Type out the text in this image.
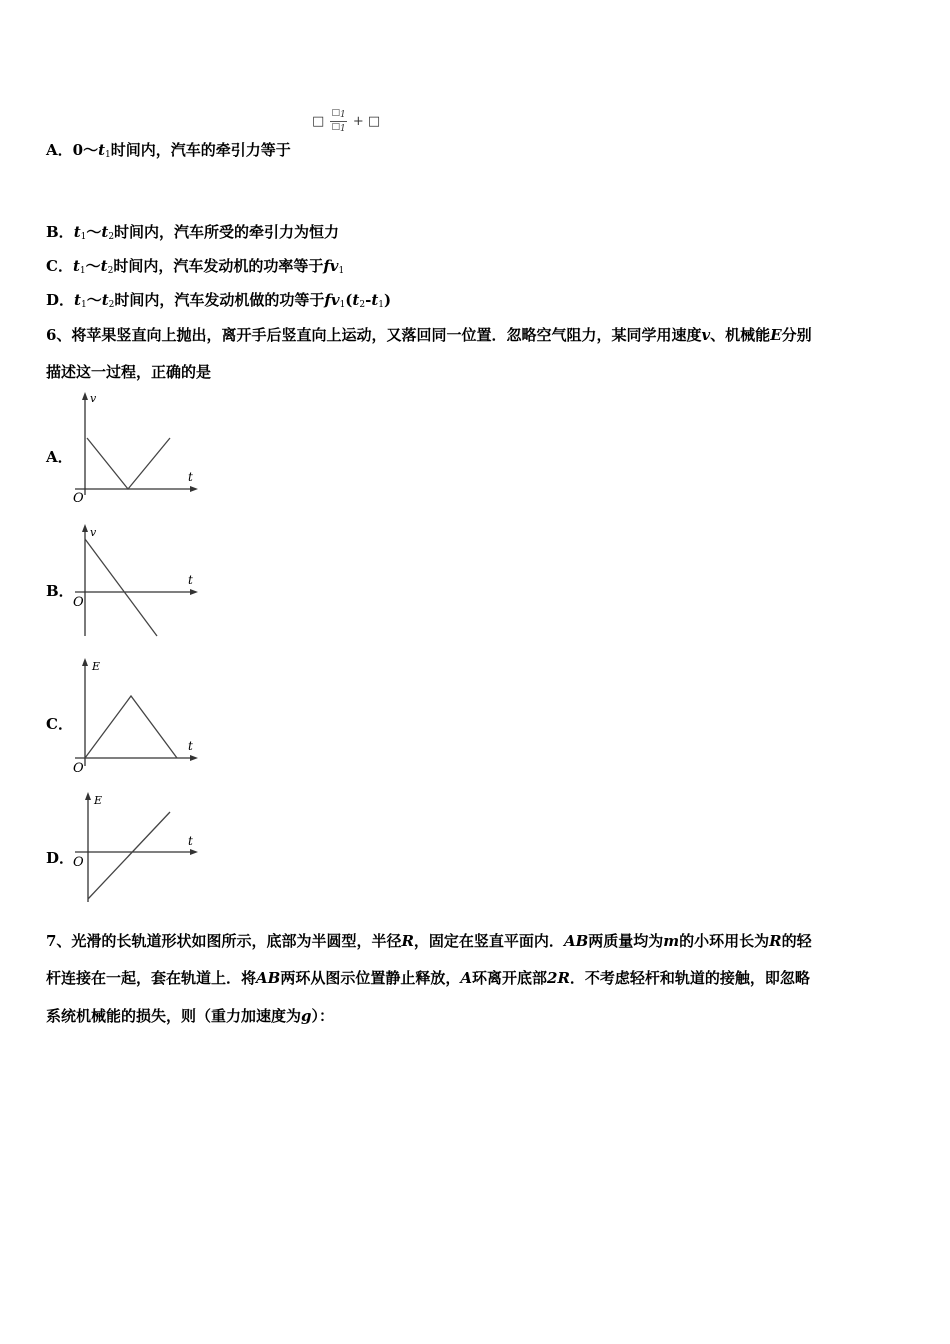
□ $\frac{□_1}{□_1}$ + □
A．$0\sim t_1$时间内，汽车的牵引力等于
B．$t_1\sim t_2$时间内，汽车所受的牵引力为恒力
C．$t_1\sim t_2$时间内，汽车发动机的功率等于$fv_1$
D．$t_1\sim t_2$时间内，汽车发动机做的功等于$fv_1(t_2-t_1)$
6、将苹果竖直向上抛出，离开手后竖直向上运动，又落回同一位置．忽略空气阻力，某同学用速度v、机械能E分别
描述这一过程，正确的是
A．
v
t
O
B．
v
t
O
C．
E
t
O
D．
E
t
O
7、光滑的长轨道形状如图所示，底部为半圆型，半径R，固定在竖直平面内．AB两质量均为m的小环用长为R的轻
杆连接在一起，套在轨道上．将AB两环从图示位置静止释放，A环离开底部2R．不考虑轻杆和轨道的接触，即忽略
系统机械能的损失，则（重力加速度为g）：
